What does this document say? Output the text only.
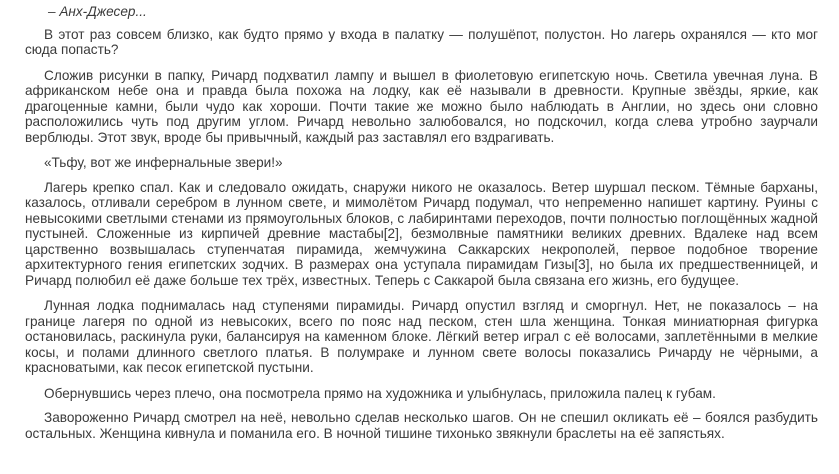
– Анх-Джесер...

В этот раз совсем близко, как будто прямо у входа в палатку — полушёпот, полустон. Но лагерь охранялся — кто мог сюда попасть?

Сложив рисунки в папку, Ричард подхватил лампу и вышел в фиолетовую египетскую ночь. Светила увечная луна. В африканском небе она и правда была похожа на лодку, как её называли в древности. Крупные звёзды, яркие, как драгоценные камни, были чудо как хороши. Почти такие же можно было наблюдать в Англии, но здесь они словно расположились чуть под другим углом. Ричард невольно залюбовался, но подскочил, когда слева утробно заурчали верблюды. Этот звук, вроде бы привычный, каждый раз заставлял его вздрагивать.

«Тьфу, вот же инфернальные звери!»

Лагерь крепко спал. Как и следовало ожидать, снаружи никого не оказалось. Ветер шуршал песком. Тёмные барханы, казалось, отливали серебром в лунном свете, и мимолётом Ричард подумал, что непременно напишет картину. Руины с невысокими светлыми стенами из прямоугольных блоков, с лабиринтами переходов, почти полностью поглощённых жадной пустыней. Сложенные из кирпичей древние мастабы[2], безмолвные памятники великих древних. Вдалеке над всем царственно возвышалась ступенчатая пирамида, жемчужина Саккарских некрополей, первое подобное творение архитектурного гения египетских зодчих. В размерах она уступала пирамидам Гизы[3], но была их предшественницей, и Ричард полюбил её даже больше тех трёх, известных. Теперь с Саккарой была связана его жизнь, его будущее.

Лунная лодка поднималась над ступенями пирамиды. Ричард опустил взгляд и сморгнул. Нет, не показалось – на границе лагеря по одной из невысоких, всего по пояс над песком, стен шла женщина. Тонкая миниатюрная фигурка остановилась, раскинула руки, балансируя на каменном блоке. Лёгкий ветер играл с её волосами, заплетёнными в мелкие косы, и полами длинного светлого платья. В полумраке и лунном свете волосы показались Ричарду не чёрными, а красноватыми, как песок египетской пустыни.

Обернувшись через плечо, она посмотрела прямо на художника и улыбнулась, приложила палец к губам.

Завороженно Ричард смотрел на неё, невольно сделав несколько шагов. Он не спешил окликать её – боялся разбудить остальных. Женщина кивнула и поманила его. В ночной тишине тихонько звякнули браслеты на её запястьях.
